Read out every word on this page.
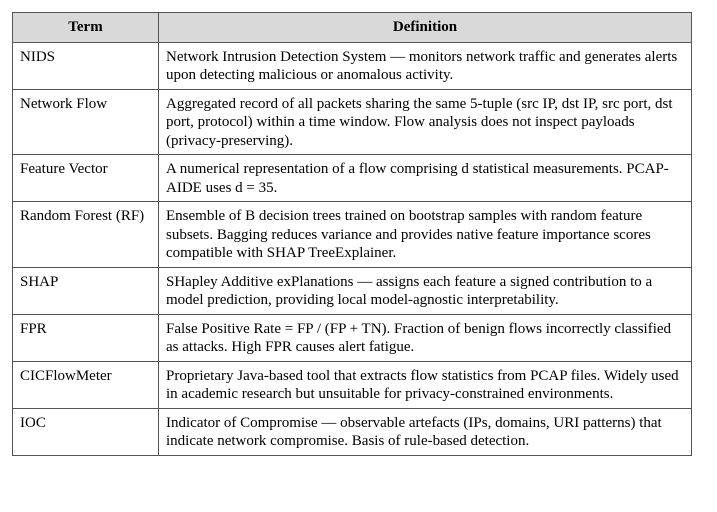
Term	Definition
NIDS	Network Intrusion Detection System — monitors network traffic and generates alerts upon detecting malicious or anomalous activity.
Network Flow	Aggregated record of all packets sharing the same 5-tuple (src IP, dst IP, src port, dst port, protocol) within a time window. Flow analysis does not inspect payloads (privacy-preserving).
Feature Vector	A numerical representation of a flow comprising d statistical measurements. PCAP-AIDE uses d = 35.
Random Forest (RF)	Ensemble of B decision trees trained on bootstrap samples with random feature subsets. Bagging reduces variance and provides native feature importance scores compatible with SHAP TreeExplainer.
SHAP	SHapley Additive exPlanations — assigns each feature a signed contribution to a model prediction, providing local model-agnostic interpretability.
FPR	False Positive Rate = FP / (FP + TN). Fraction of benign flows incorrectly classified as attacks. High FPR causes alert fatigue.
CICFlowMeter	Proprietary Java-based tool that extracts flow statistics from PCAP files. Widely used in academic research but unsuitable for privacy-constrained environments.
IOC	Indicator of Compromise — observable artefacts (IPs, domains, URI patterns) that indicate network compromise. Basis of rule-based detection.
